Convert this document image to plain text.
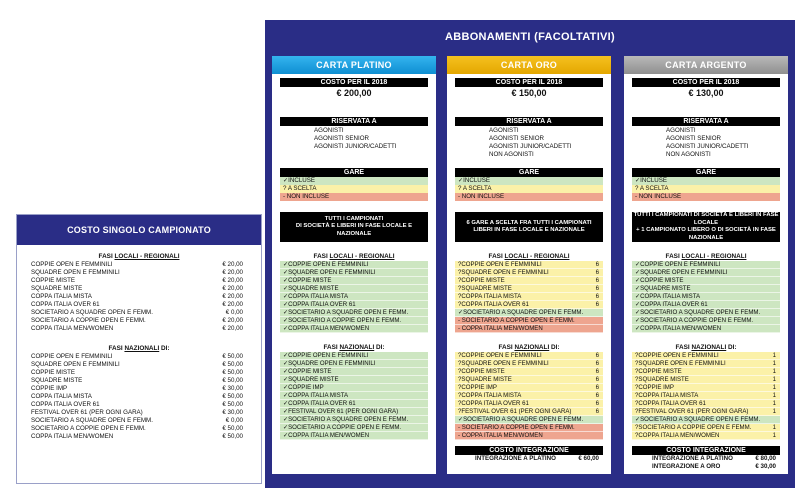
COSTO SINGOLO CAMPIONATO
FASI LOCALI - REGIONALI
COPPIE OPEN E FEMMINILI	€ 20,00
SQUADRE OPEN E FEMMINILI	€ 20,00
COPPIE MISTE	€ 20,00
SQUADRE MISTE	€ 20,00
COPPA ITALIA MISTA	€ 20,00
COPPA ITALIA OVER 61	€ 20,00
SOCIETARIO A SQUADRE OPEN E FEMM.	€ 0,00
SOCIETARIO A COPPIE OPEN E FEMM.	€ 20,00
COPPA ITALIA MEN/WOMEN	€ 20,00
FASI NAZIONALI DI:
COPPIE OPEN E FEMMINILI	€ 50,00
SQUADRE OPEN E FEMMINILI	€ 50,00
COPPIE MISTE	€ 50,00
SQUADRE MISTE	€ 50,00
COPPIE IMP	€ 30,00
COPPA ITALIA MISTA	€ 50,00
COPPA ITALIA OVER 61	€ 50,00
FESTIVAL OVER 61 (PER OGNI GARA)	€ 30,00
SOCIETARIO A SQUADRE OPEN E FEMM.	€ 0,00
SOCIETARIO A COPPIE OPEN E FEMM.	€ 50,00
COPPA ITALIA MEN/WOMEN	€ 50,00
ABBONAMENTI (FACOLTATIVI)
CARTA PLATINO
COSTO PER IL 2018
€ 200,00
RISERVATA A
AGONISTI
AGONISTI SENIOR
AGONISTI JUNIOR/CADETTI
GARE
✓INCLUSE
? A SCELTA
- NON INCLUSE
TUTTI I CAMPIONATI
DI SOCIETÀ E LIBERI IN FASE LOCALE E NAZIONALE
FASI LOCALI - REGIONALI
✓COPPIE OPEN E FEMMINILI
✓SQUADRE OPEN E FEMMINILI
✓COPPIE MISTE
✓SQUADRE MISTE
✓COPPA ITALIA MISTA
✓COPPA ITALIA OVER 61
✓SOCIETARIO A SQUADRE OPEN E FEMM.
✓SOCIETARIO A COPPIE OPEN E FEMM.
✓COPPA ITALIA MEN/WOMEN
FASI NAZIONALI DI:
✓COPPIE OPEN E FEMMINILI
✓SQUADRE OPEN E FEMMINILI
✓COPPIE MISTE
✓SQUADRE MISTE
✓COPPIE IMP
✓COPPA ITALIA MISTA
✓COPPA ITALIA OVER 61
✓FESTIVAL OVER 61 (PER OGNI GARA)
✓SOCIETARIO A SQUADRE OPEN E FEMM.
✓SOCIETARIO A COPPIE OPEN E FEMM.
✓COPPA ITALIA MEN/WOMEN
CARTA ORO
COSTO PER IL 2018
€ 150,00
RISERVATA A
AGONISTI
AGONISTI SENIOR
AGONISTI JUNIOR/CADETTI
NON AGONISTI
GARE
✓INCLUSE
? A SCELTA
- NON INCLUSE
6 GARE A SCELTA FRA TUTTI I CAMPIONATI
LIBERI IN FASE LOCALE E NAZIONALE
FASI LOCALI - REGIONALI
?COPPIE OPEN E FEMMINILI	6
?SQUADRE OPEN E FEMMINILI	6
?COPPIE MISTE	6
?SQUADRE MISTE	6
?COPPA ITALIA MISTA	6
?COPPA ITALIA OVER 61	6
✓SOCIETARIO A SQUADRE OPEN E FEMM.
- SOCIETARIO A COPPIE OPEN E FEMM.
- COPPA ITALIA MEN/WOMEN
FASI NAZIONALI DI:
?COPPIE OPEN E FEMMINILI	6
?SQUADRE OPEN E FEMMINILI	6
?COPPIE MISTE	6
?SQUADRE MISTE	6
?COPPIE IMP	6
?COPPA ITALIA MISTA	6
?COPPA ITALIA OVER 61	6
?FESTIVAL OVER 61 (PER OGNI GARA)	6
✓SOCIETARIO A SQUADRE OPEN E FEMM.
- SOCIETARIO A COPPIE OPEN E FEMM.
- COPPA ITALIA MEN/WOMEN
COSTO INTEGRAZIONE
INTEGRAZIONE A PLATINO	€ 60,00
CARTA ARGENTO
COSTO PER IL 2018
€ 130,00
RISERVATA A
AGONISTI
AGONISTI SENIOR
AGONISTI JUNIOR/CADETTI
NON AGONISTI
GARE
✓INCLUSE
? A SCELTA
- NON INCLUSE
TUTTI I CAMPIONATI DI SOCIETÀ E LIBERI IN FASE LOCALE
+ 1 CAMPIONATO LIBERO O DI SOCIETÀ IN FASE NAZIONALE
FASI LOCALI - REGIONALI
✓COPPIE OPEN E FEMMINILI
✓SQUADRE OPEN E FEMMINILI
✓COPPIE MISTE
✓SQUADRE MISTE
✓COPPA ITALIA MISTA
✓COPPA ITALIA OVER 61
✓SOCIETARIO A SQUADRE OPEN E FEMM.
✓SOCIETARIO A COPPIE OPEN E FEMM.
✓COPPA ITALIA MEN/WOMEN
FASI NAZIONALI DI:
?COPPIE OPEN E FEMMINILI	1
?SQUADRE OPEN E FEMMINILI	1
?COPPIE MISTE	1
?SQUADRE MISTE	1
?COPPIE IMP	1
?COPPA ITALIA MISTA	1
?COPPA ITALIA OVER 61	1
?FESTIVAL OVER 61 (PER OGNI GARA)	1
✓SOCIETARIO A SQUADRE OPEN E FEMM.
?SOCIETARIO A COPPIE OPEN E FEMM.	1
?COPPA ITALIA MEN/WOMEN	1
COSTO INTEGRAZIONE
INTEGRAZIONE A PLATINO	€ 80,00
INTEGRAZIONE A ORO	€ 30,00
